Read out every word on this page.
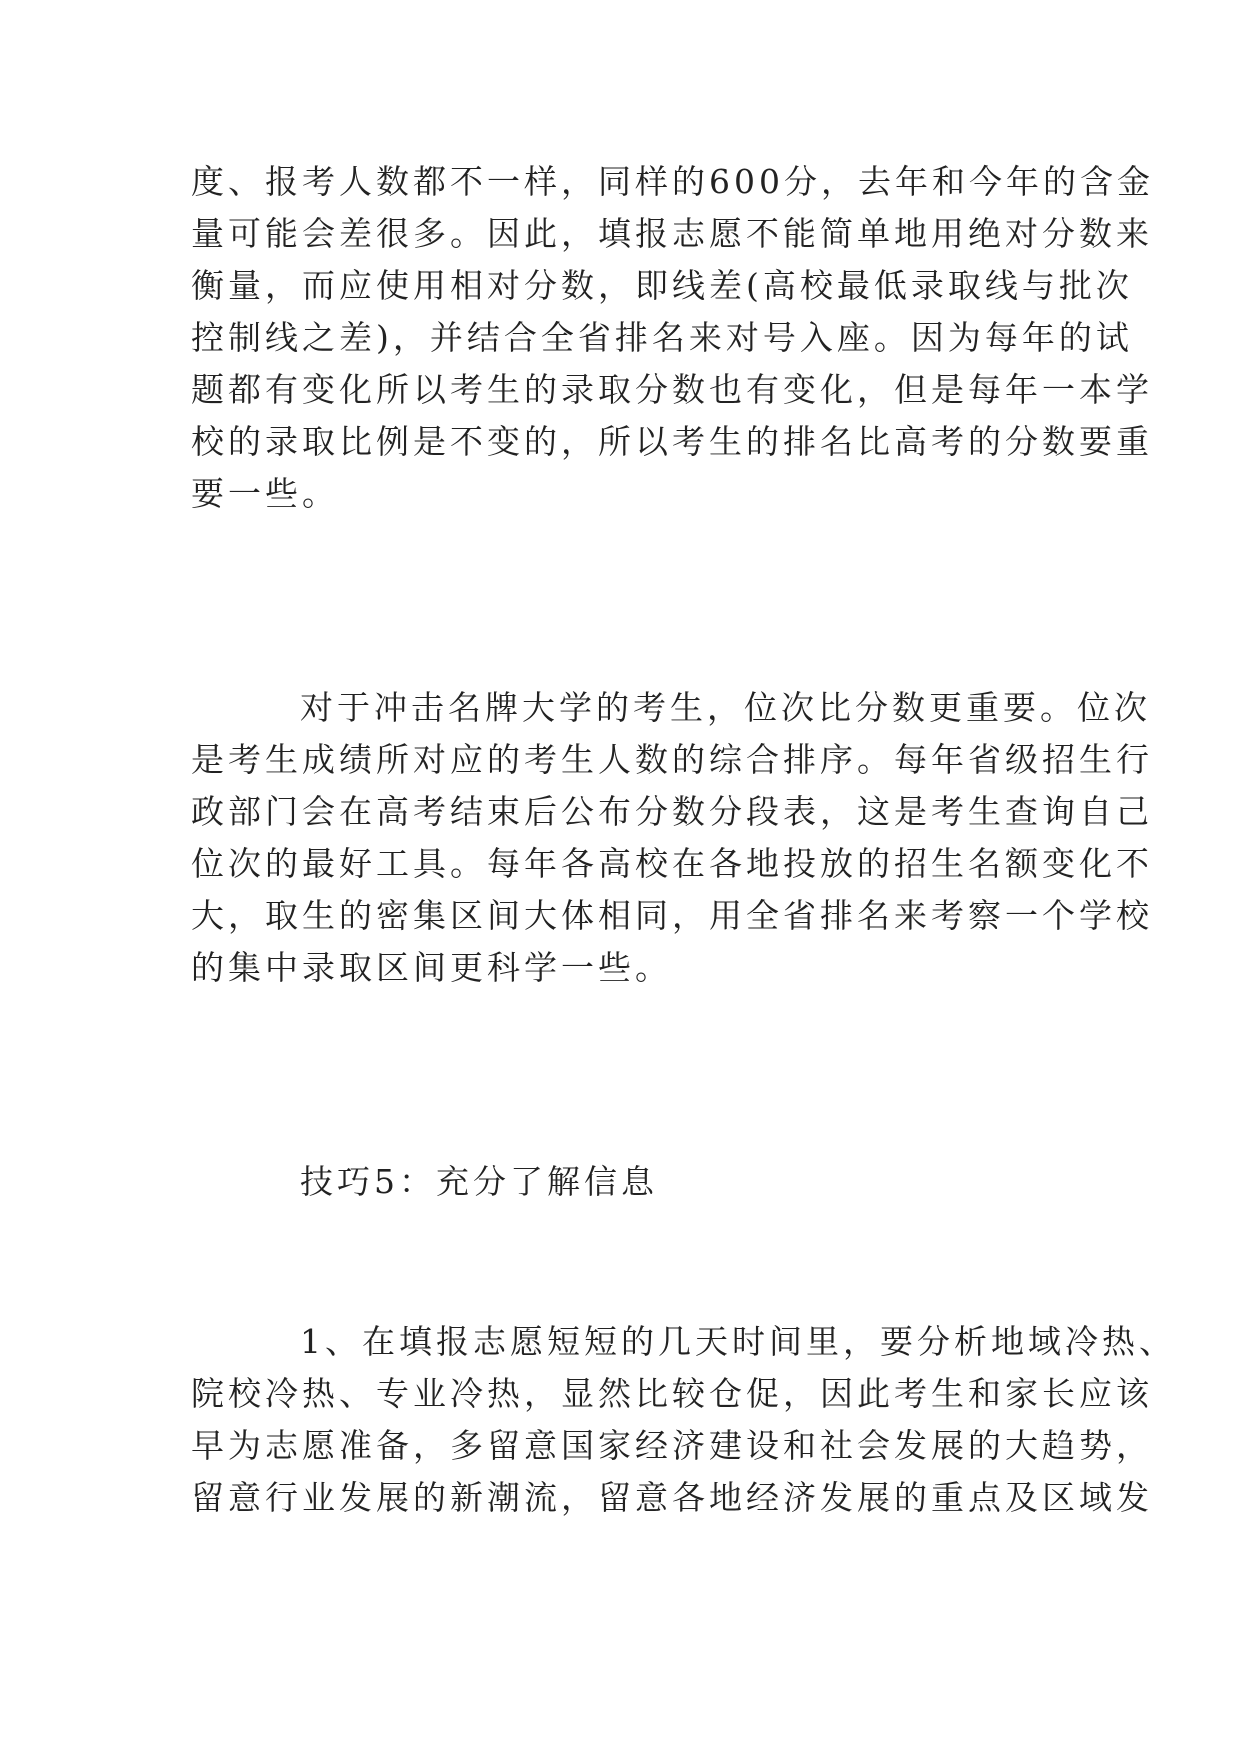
度、报考人数都不一样，同样的600分，去年和今年的含金
量可能会差很多。因此，填报志愿不能简单地用绝对分数来
衡量，而应使用相对分数，即线差(高校最低录取线与批次
控制线之差)，并结合全省排名来对号入座。因为每年的试
题都有变化所以考生的录取分数也有变化，但是每年一本学
校的录取比例是不变的，所以考生的排名比高考的分数要重
要一些。
对于冲击名牌大学的考生，位次比分数更重要。位次
是考生成绩所对应的考生人数的综合排序。每年省级招生行
政部门会在高考结束后公布分数分段表，这是考生查询自己
位次的最好工具。每年各高校在各地投放的招生名额变化不
大，取生的密集区间大体相同，用全省排名来考察一个学校
的集中录取区间更科学一些。
技巧5：充分了解信息
1、在填报志愿短短的几天时间里，要分析地域冷热、
院校冷热、专业冷热，显然比较仓促，因此考生和家长应该
早为志愿准备，多留意国家经济建设和社会发展的大趋势，
留意行业发展的新潮流，留意各地经济发展的重点及区域发
